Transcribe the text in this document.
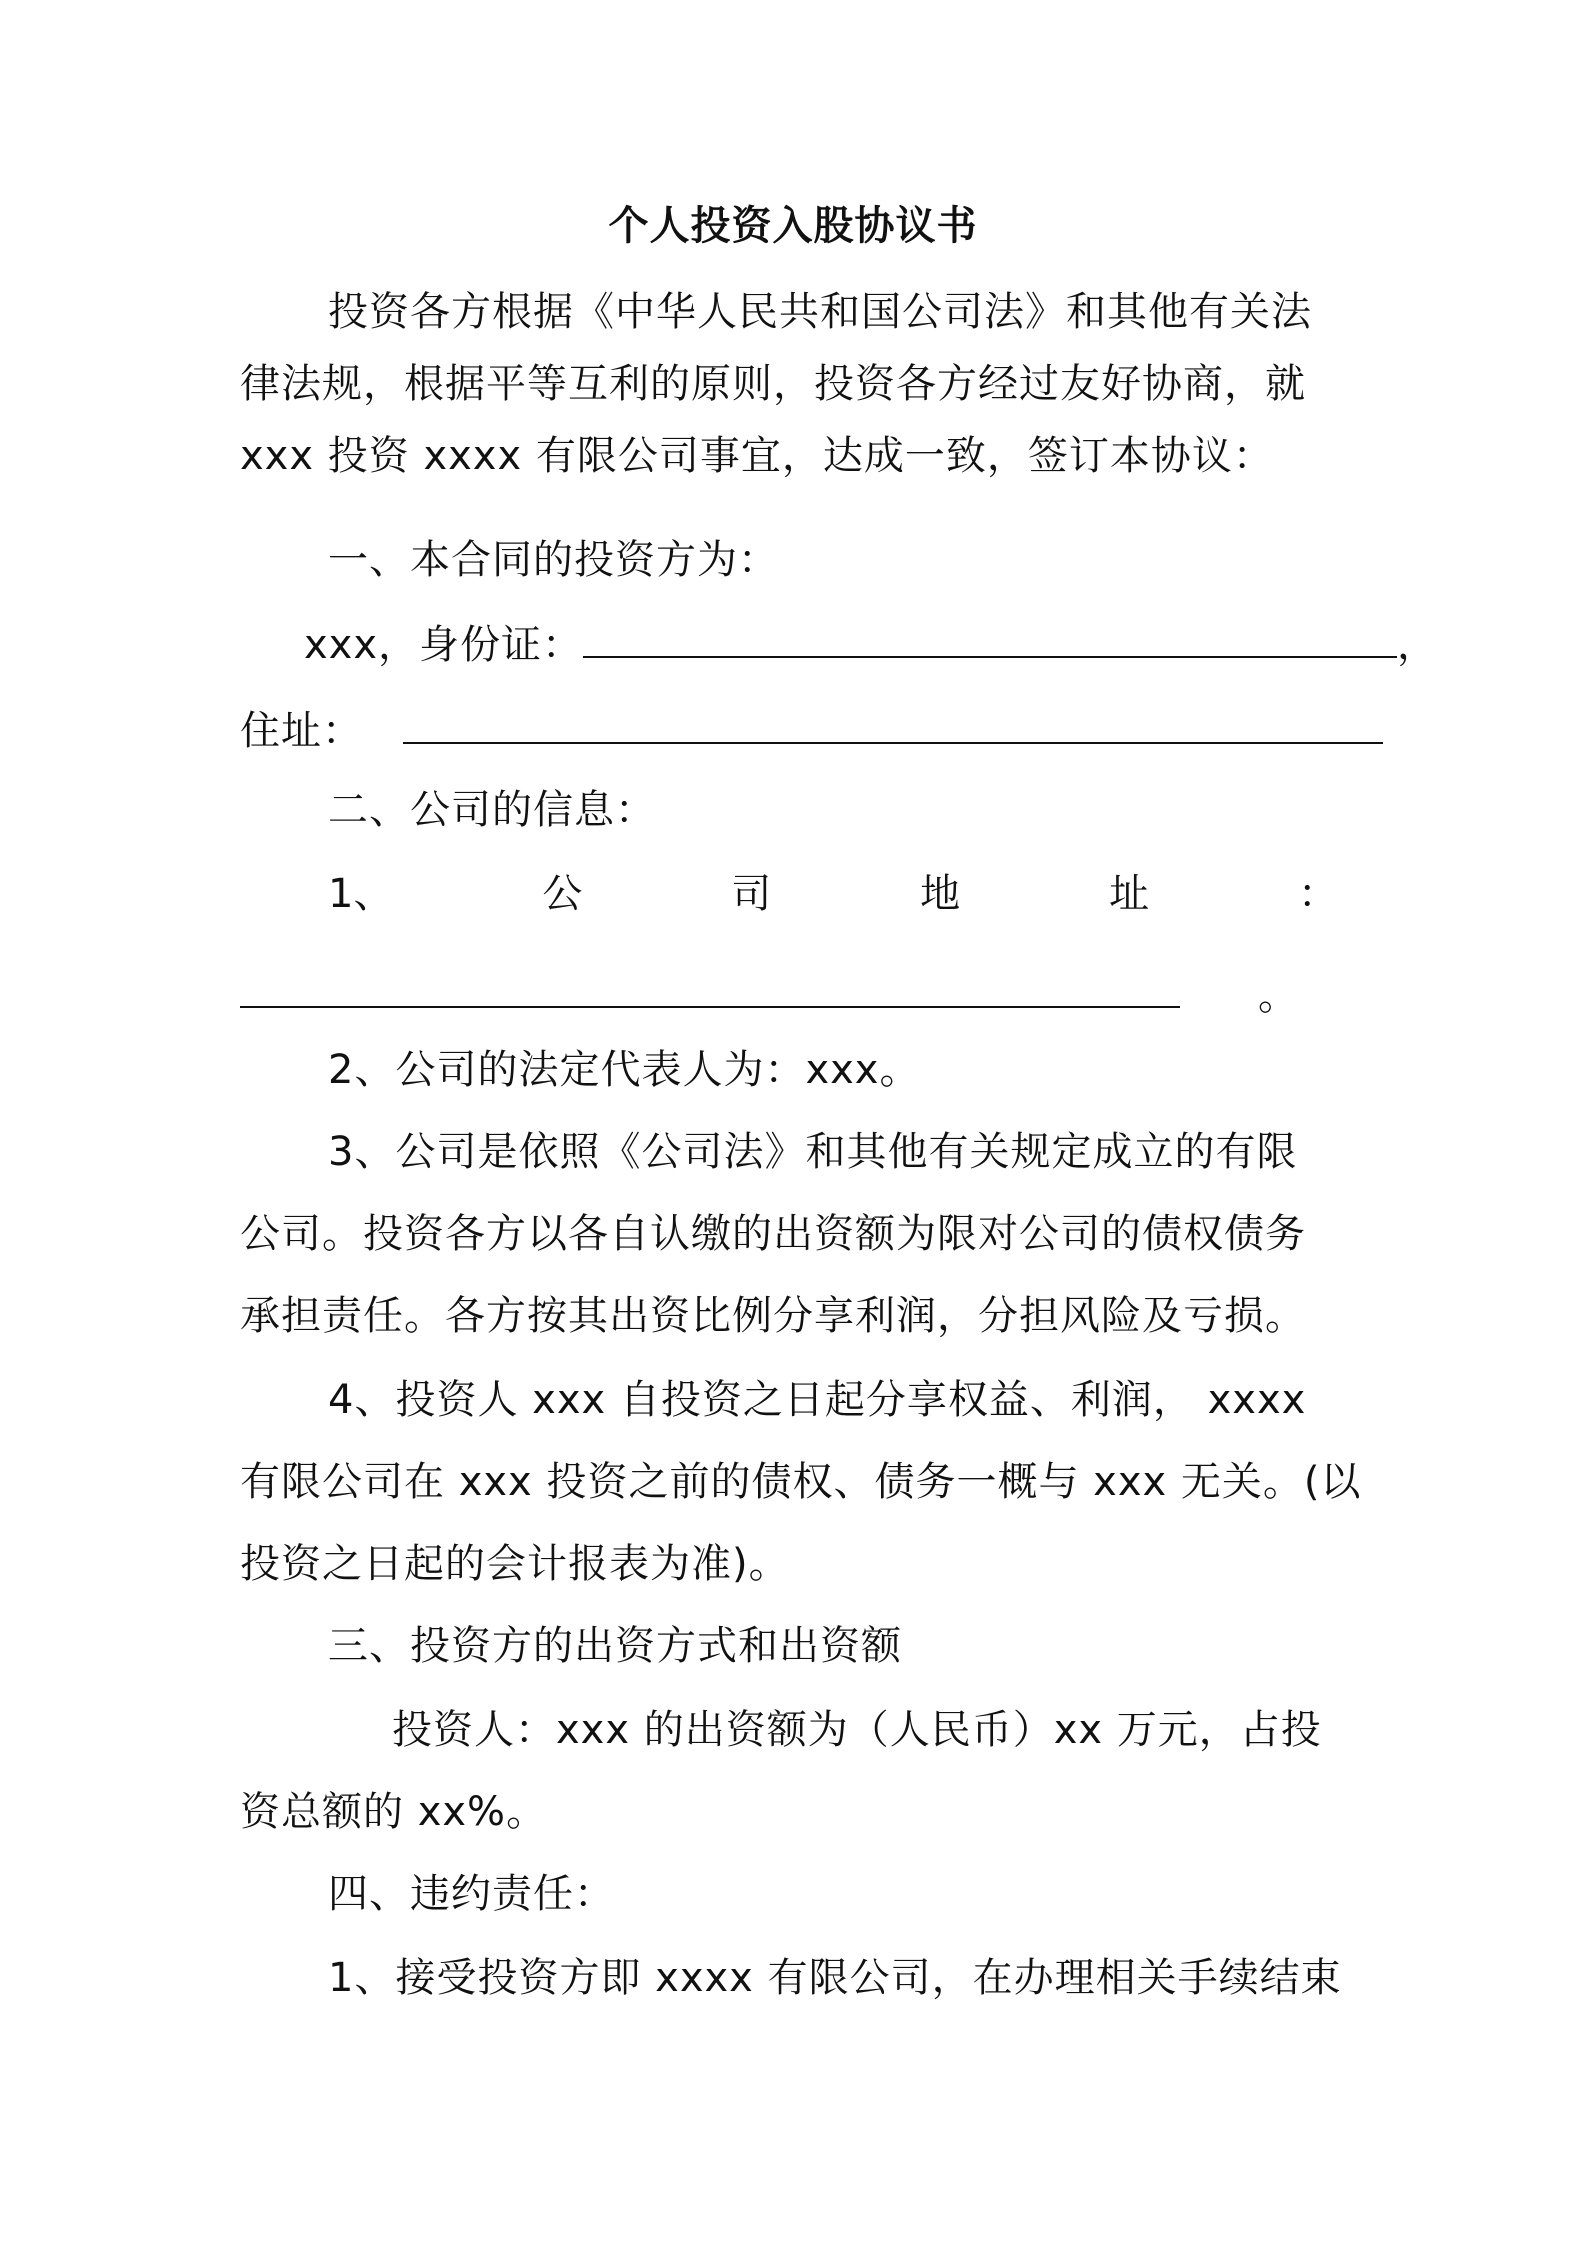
个人投资入股协议书
投资各方根据《中华人民共和国公司法》和其他有关法
律法规，根据平等互利的原则，投资各方经过友好协商，就
xxx 投资 xxxx 有限公司事宜，达成一致，签订本协议：
一、本合同的投资方为：
xxx，身份证：	，
住址：
二、公司的信息：
1、	公	司	地	址	：
。
2、公司的法定代表人为：xxx。
3、公司是依照《公司法》和其他有关规定成立的有限
公司。投资各方以各自认缴的出资额为限对公司的债权债务
承担责任。各方按其出资比例分享利润，分担风险及亏损。
4、投资人 xxx 自投资之日起分享权益、利润， xxxx
有限公司在 xxx 投资之前的债权、债务一概与 xxx 无关。(以
投资之日起的会计报表为准)。
三、投资方的出资方式和出资额
投资人：xxx 的出资额为（人民币）xx 万元，占投
资总额的 xx%。
四、违约责任：
1、接受投资方即 xxxx 有限公司，在办理相关手续结束
